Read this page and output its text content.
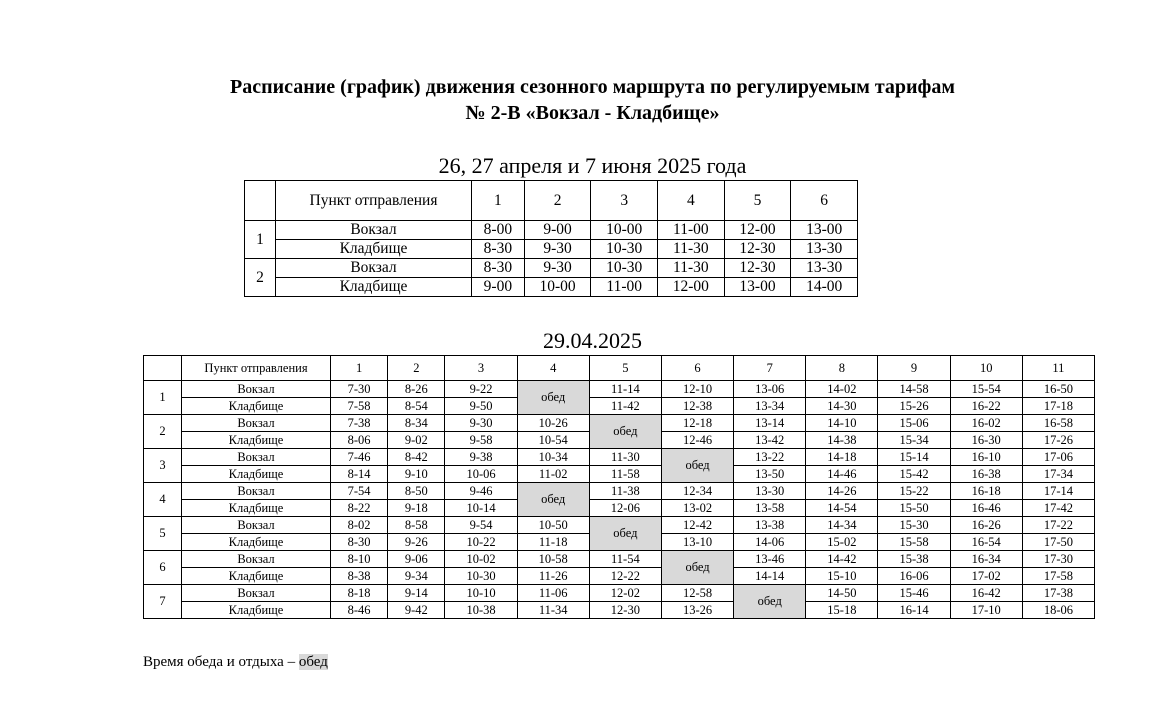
Расписание (график) движения сезонного маршрута по регулируемым тарифам
№ 2-В «Вокзал - Кладбище»
26, 27 апреля и 7 июня 2025 года
	Пункт отправления	1	2	3	4	5	6
1	Вокзал	8-00	9-00	10-00	11-00	12-00	13-00
	Кладбище	8-30	9-30	10-30	11-30	12-30	13-30
2	Вокзал	8-30	9-30	10-30	11-30	12-30	13-30
	Кладбище	9-00	10-00	11-00	12-00	13-00	14-00
29.04.2025
	Пункт отправления	1	2	3	4	5	6	7	8	9	10	11
1	Вокзал	7-30	8-26	9-22	обед	11-14	12-10	13-06	14-02	14-58	15-54	16-50
	Кладбище	7-58	8-54	9-50		11-42	12-38	13-34	14-30	15-26	16-22	17-18
2	Вокзал	7-38	8-34	9-30	10-26	обед	12-18	13-14	14-10	15-06	16-02	16-58
	Кладбище	8-06	9-02	9-58	10-54		12-46	13-42	14-38	15-34	16-30	17-26
3	Вокзал	7-46	8-42	9-38	10-34	11-30	обед	13-22	14-18	15-14	16-10	17-06
	Кладбище	8-14	9-10	10-06	11-02	11-58		13-50	14-46	15-42	16-38	17-34
4	Вокзал	7-54	8-50	9-46	обед	11-38	12-34	13-30	14-26	15-22	16-18	17-14
	Кладбище	8-22	9-18	10-14		12-06	13-02	13-58	14-54	15-50	16-46	17-42
5	Вокзал	8-02	8-58	9-54	10-50	обед	12-42	13-38	14-34	15-30	16-26	17-22
	Кладбище	8-30	9-26	10-22	11-18		13-10	14-06	15-02	15-58	16-54	17-50
6	Вокзал	8-10	9-06	10-02	10-58	11-54	обед	13-46	14-42	15-38	16-34	17-30
	Кладбище	8-38	9-34	10-30	11-26	12-22		14-14	15-10	16-06	17-02	17-58
7	Вокзал	8-18	9-14	10-10	11-06	12-02	12-58	обед	14-50	15-46	16-42	17-38
	Кладбище	8-46	9-42	10-38	11-34	12-30	13-26		15-18	16-14	17-10	18-06
Время обеда и отдыха – обед
